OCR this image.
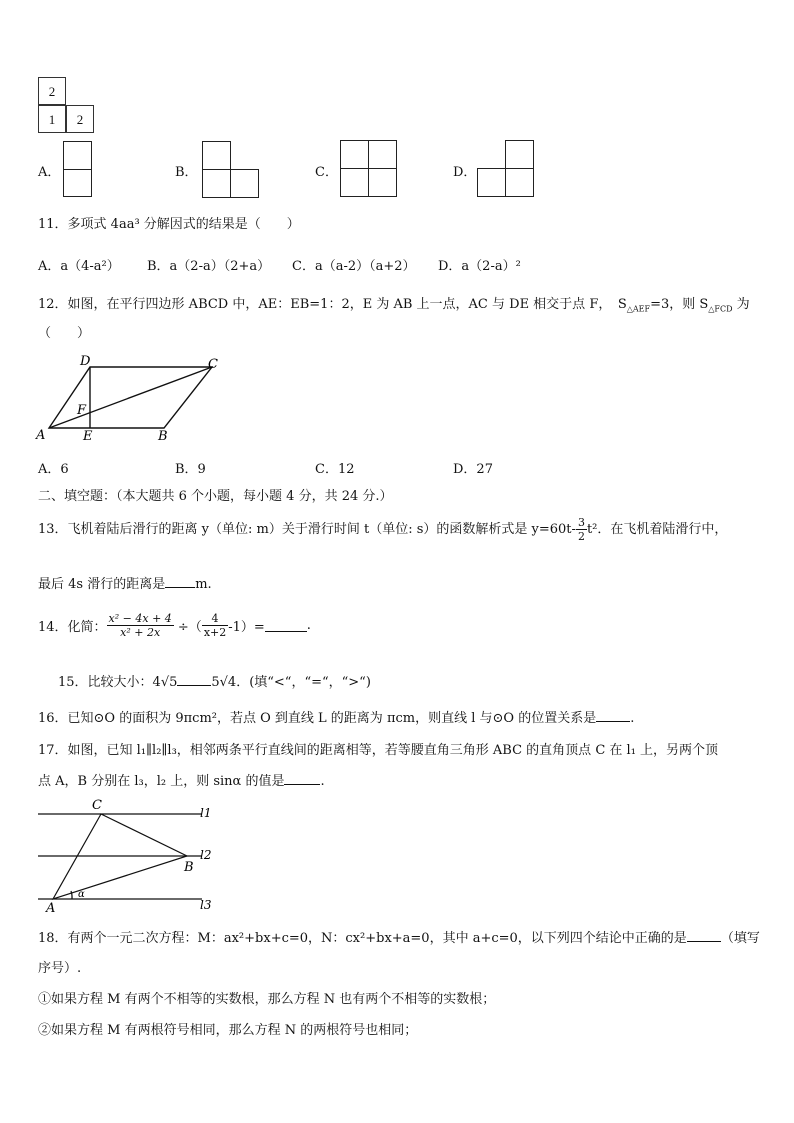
2
1	2
A．	B．	C．	D．
11．多项式 4aa³ 分解因式的结果是（　　）
A．a（4-a²） B．a（2-a）（2+a） C．a（a-2）（a+2） D．a（2-a）²
12．如图，在平行四边形 ABCD 中，AE：EB=1：2，E 为 AB 上一点，AC 与 DE 相交于点 F，　$S_{\triangle AEF}=3$，则 $S_{\triangle FCD}$ 为
（　　）
D	C
F
A	E	B
A．6	B．9	C．12	D．27
二、填空题：（本大题共 6 个小题，每小题 4 分，共 24 分.）
13．飞机着陆后滑行的距离 y（单位: m）关于滑行时间 t（单位: s）的函数解析式是 $y=60t- \frac{3}{2} t^2$．在飞机着陆滑行中，
最后 4s 滑行的距离是 m.
14．化简： $\frac{\text{x² − 4x + 4}}{\text{x² + 2x}}$ ÷（ $\frac{4}{x+2} -1)=$	.
15．比较大小：4√5	5√4．(填“<“，“=“，“>“)
16．已知⊙O 的面积为 9πcm²，若点 O 到直线 L 的距离为 πcm，则直线 l 与⊙O 的位置关系是	.
17．如图，已知 l₁∥l₂∥l₃，相邻两条平行直线间的距离相等，若等腰直角三角形 ABC 的直角顶点 C 在 l₁ 上，另两个顶
点 A，B 分别在 l₃，l₂ 上，则 sinα 的值是	.
C	l1
l2
B
A
α
l3
18．有两个一元二次方程：M：ax²+bx+c=0，N：cx²+bx+a=0，其中 a+c=0，以下列四个结论中正确的是	（填写
序号）.
①如果方程 M 有两个不相等的实数根，那么方程 N 也有两个不相等的实数根；
②如果方程 M 有两根符号相同，那么方程 N 的两根符号也相同；
